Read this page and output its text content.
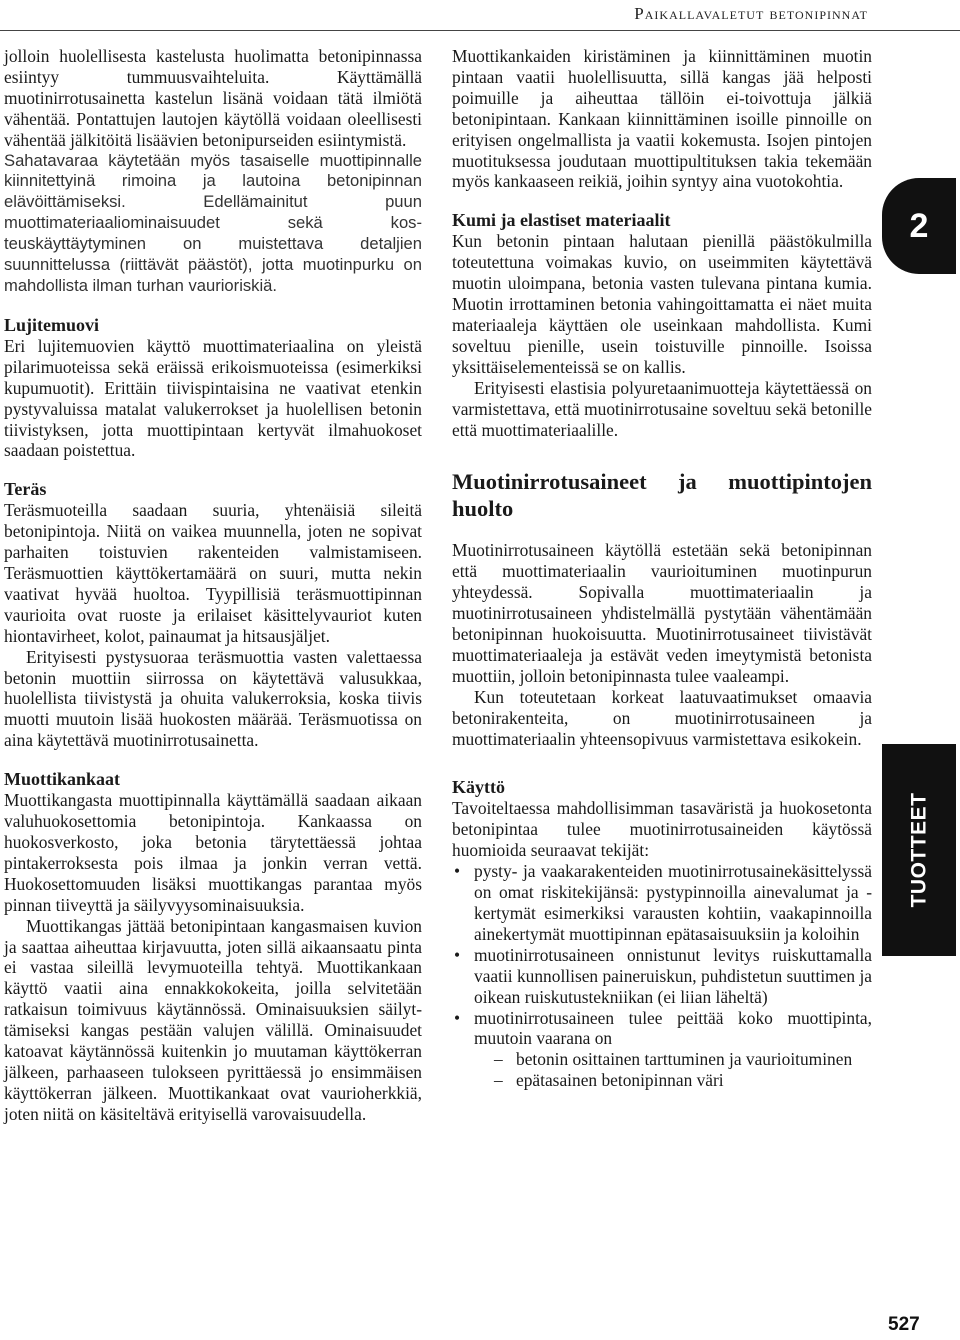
Paikallavaletut betonipinnat

jolloin huolellisesta kastelusta huolimatta betonipinnassa esiintyy tummuusvaihteluita. Käyttämällä muotinirrotusainetta kastelun lisänä voidaan tätä ilmiötä vähentää. Pontattujen lautojen käytöllä voidaan oleellisesti vähentää jälkitöitä lisäävien betonipurseiden esiintymistä.

Sahatavaraa käytetään myös tasaiselle muottipinnalle kiinnitettyinä rimoina ja lautoina betonipinnan elävöittämiseksi.	Edellämainitut puun muottimateriaaliominaisuudet sekä kosteuskäyttäytyminen on muistettava detaljien suunnittelussa (riittävät päästöt), jotta muotinpurku on mahdollista ilman turhan vaurioriskiä.

Lujitemuovi

Eri lujitemuovien käyttö muottimateriaalina on yleistä pilarimuoteissa sekä eräissä erikoismuoteissa (esimerkiksi kupumuotit). Erittäin tiivispintaisina ne vaativat etenkin pystyvaluissa matalat valukerrokset ja huolellisen betonin tiivistyksen, jotta muottipintaan kertyvät ilmahuokoset saadaan poistettua.

Teräs

Teräsmuoteilla saadaan suuria, yhtenäisiä sileitä betonipintoja. Niitä on vaikea muunnella, joten ne sopivat parhaiten toistuvien rakenteiden valmistamiseen. Teräsmuottien käyttökertamäärä on suuri, mutta nekin vaativat hyvää huoltoa. Tyypillisiä teräsmuottipinnan vaurioita ovat ruoste ja erilaiset käsittelyvauriot kuten hiontavirheet, kolot, painaumat ja hitsausjäljet.

Erityisesti pystysuoraa teräsmuottia vasten valettaessa betonin muottiin siirrossa on käytettävä valusukkaa, huolellista tiivistystä ja ohuita valukerroksia, koska tiivis muotti muutoin lisää huokosten määrää. Teräsmuotissa on aina käytettävä muotinirrotusainetta.

Muottikankaat

Muottikangasta muottipinnalla käyttämällä saadaan aikaan valuhuokosettomia betonipintoja. Kankaassa on huokosverkosto, joka betonia tärytettäessä johtaa pintakerroksesta pois ilmaa ja jonkin verran vettä. Huokosettomuuden lisäksi muottikangas parantaa myös pinnan tiiveyttä ja säilyvyysominaisuuksia.

Muottikangas jättää betonipintaan kangasmaisen kuvion ja saattaa aiheuttaa kirjavuutta, joten sillä aikaansaatu pinta ei vastaa sileillä levymuoteilla tehtyä. Muottikankaan käyttö vaatii aina ennakkokokeita, joilla selvitetään ratkaisun toimivuus käytännössä. Ominaisuuksien säilyttämiseksi kangas pestään valujen välillä. Ominaisuudet katoavat käytännössä kuitenkin jo muutaman käyttökerran jälkeen, parhaaseen tulokseen pyrittäessä jo ensimmäisen käyttökerran jälkeen. Muottikankaat ovat vaurioherkkiä, joten niitä on käsiteltävä erityisellä varovaisuudella.

Muottikankaiden kiristäminen ja kiinnittäminen muotin pintaan vaatii huolellisuutta, sillä kangas jää helposti poimuille ja aiheuttaa tällöin ei-toivottuja jälkiä betonipintaan. Kankaan kiinnittäminen isoille pinnoille on erityisen ongelmallista ja vaatii kokemusta. Isojen pintojen muotituksessa joudutaan muottipultituksen takia tekemään myös kankaaseen reikiä, joihin syntyy aina vuotokohtia.

Kumi ja elastiset materiaalit

Kun betonin pintaan halutaan pienillä päästökulmilla toteutettuna voimakas kuvio, on useimmiten käytettävä muotin uloimpana, betonia vasten tulevana pintana kumia. Muotin irrottaminen betonia vahingoittamatta ei näet muita materiaaleja käyttäen ole useinkaan mahdollista. Kumi soveltuu pienille, usein toistuville pinnoille. Isoissa yksittäiselementeissä se on kallis.

Erityisesti elastisia polyuretaanimuotteja käytettäessä on varmistettava, että muotinirrotusaine soveltuu sekä betonille että muottimateriaalille.

Muotinirrotusaineet ja muottipintojen huolto

Muotinirrotusaineen käytöllä estetään sekä betonipinnan että muottimateriaalin vaurioituminen muotinpurun yhteydessä. Sopivalla muottimateriaalin ja muotinirrotusaineen yhdistelmällä pystytään vähentämään betonipinnan huokoisuutta. Muotinirrotusaineet tiivistävät muottimateriaaleja ja estävät veden imeytymistä betonista muottiin, jolloin betonipinnasta tulee vaaleampi.

Kun toteutetaan korkeat laatuvaatimukset omaavia betonirakenteita, on muotinirrotusaineen ja muottimateriaalin yhteensopivuus varmistettava esikokein.

Käyttö

Tavoiteltaessa mahdollisimman tasaväristä ja huokosetonta betonipintaa tulee muotinirrotusaineiden käytössä huomioida seuraavat tekijät:

• pysty- ja vaakarakenteiden muotinirrotusainekäsittelyssä on omat riskitekijänsä: pystypinnoilla ainevalumat ja -kertymät esimerkiksi varausten kohtiin, vaakapinnoilla ainekertymät muottipinnan epätasaisuuksiin ja koloihin
• muotinirrotusaineen onnistunut levitys ruiskuttamalla vaatii kunnollisen paineruiskun, puhdistetun suuttimen ja oikean ruiskutustekniikan (ei liian läheltä)
• muotinirrotusaineen tulee peittää koko muottipinta, muutoin vaarana on
– betonin osittainen tarttuminen ja vaurioituminen
– epätasainen betonipinnan väri
2
TUOTTEET
527
